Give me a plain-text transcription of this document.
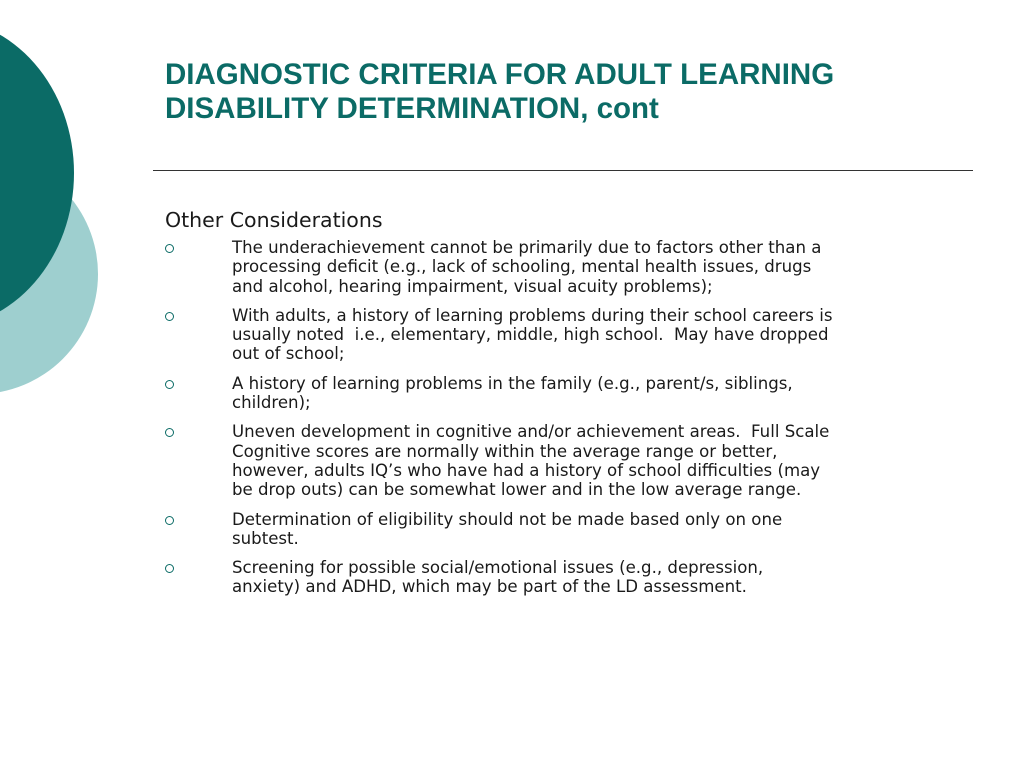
DIAGNOSTIC CRITERIA FOR ADULT LEARNING
DISABILITY DETERMINATION, cont
Other Considerations
The underachievement cannot be primarily due to factors other than a
processing deficit (e.g., lack of schooling, mental health issues, drugs
and alcohol, hearing impairment, visual acuity problems);
With adults, a history of learning problems during their school careers is
usually noted  i.e., elementary, middle, high school.  May have dropped
out of school;
A history of learning problems in the family (e.g., parent/s, siblings,
children);
Uneven development in cognitive and/or achievement areas.  Full Scale
Cognitive scores are normally within the average range or better,
however, adults IQ’s who have had a history of school difficulties (may
be drop outs) can be somewhat lower and in the low average range.
Determination of eligibility should not be made based only on one
subtest.
Screening for possible social/emotional issues (e.g., depression,
anxiety) and ADHD, which may be part of the LD assessment.
